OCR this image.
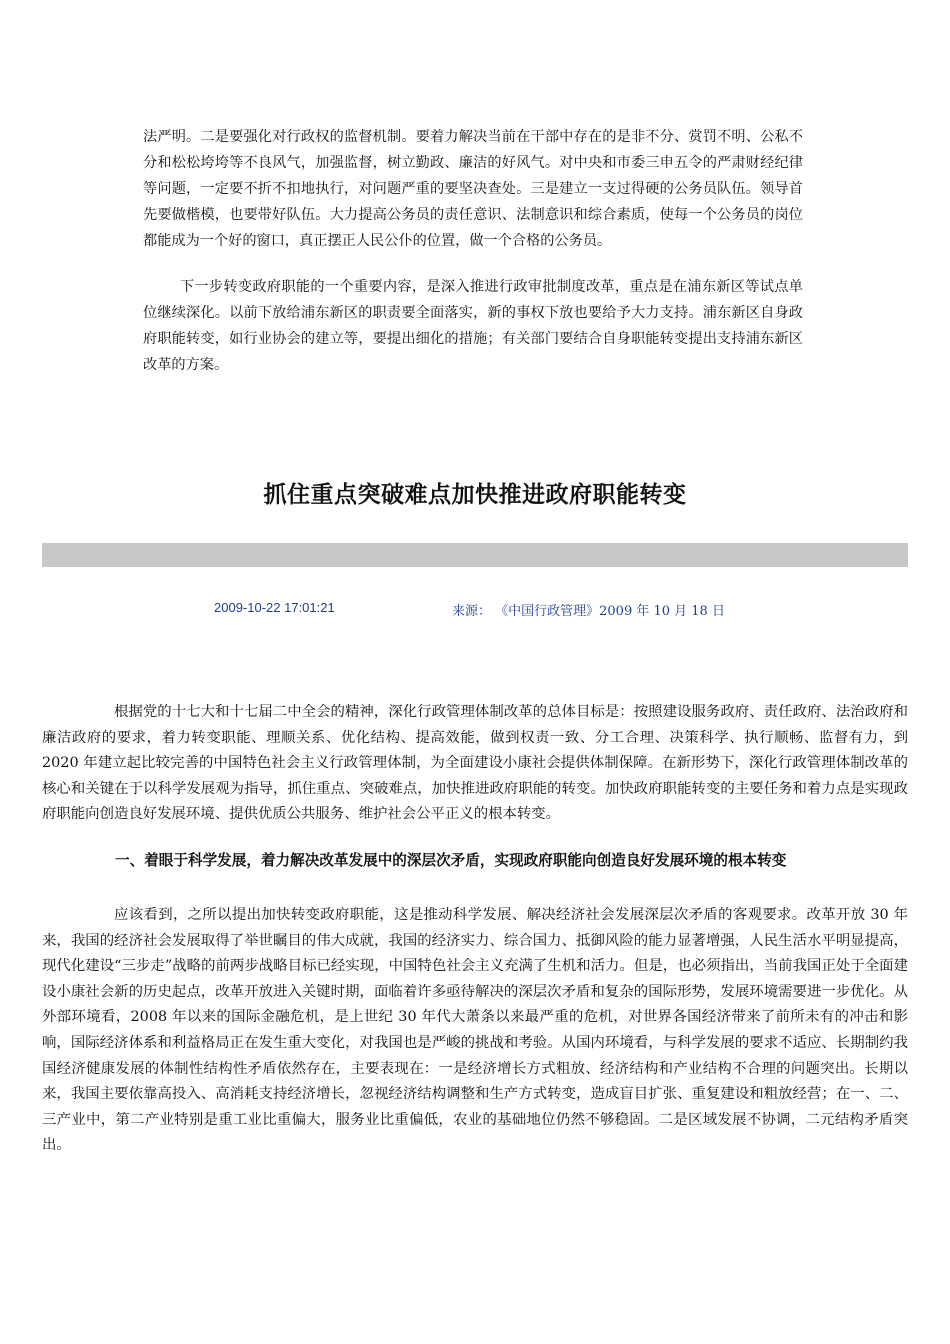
法严明。二是要强化对行政权的监督机制。要着力解决当前在干部中存在的是非不分、赏罚不明、公私不分和松松垮垮等不良风气，加强监督，树立勤政、廉洁的好风气。对中央和市委三申五令的严肃财经纪律等问题，一定要不折不扣地执行，对问题严重的要坚决查处。三是建立一支过得硬的公务员队伍。领导首先要做楷模，也要带好队伍。大力提高公务员的责任意识、法制意识和综合素质，使每一个公务员的岗位都能成为一个好的窗口，真正摆正人民公仆的位置，做一个合格的公务员。

下一步转变政府职能的一个重要内容，是深入推进行政审批制度改革，重点是在浦东新区等试点单位继续深化。以前下放给浦东新区的职责要全面落实，新的事权下放也要给予大力支持。浦东新区自身政府职能转变，如行业协会的建立等，要提出细化的措施；有关部门要结合自身职能转变提出支持浦东新区改革的方案。

抓住重点突破难点加快推进政府职能转变
2009-10-22 17:01:21	来源： 《中国行政管理》2009 年 10 月 18 日

根据党的十七大和十七届二中全会的精神，深化行政管理体制改革的总体目标是：按照建设服务政府、责任政府、法治政府和廉洁政府的要求，着力转变职能、理顺关系、优化结构、提高效能，做到权责一致、分工合理、决策科学、执行顺畅、监督有力，到 2020 年建立起比较完善的中国特色社会主义行政管理体制，为全面建设小康社会提供体制保障。在新形势下，深化行政管理体制改革的核心和关键在于以科学发展观为指导，抓住重点、突破难点，加快推进政府职能的转变。加快政府职能转变的主要任务和着力点是实现政府职能向创造良好发展环境、提供优质公共服务、维护社会公平正义的根本转变。

一、着眼于科学发展，着力解决改革发展中的深层次矛盾，实现政府职能向创造良好发展环境的根本转变

应该看到，之所以提出加快转变政府职能，这是推动科学发展、解决经济社会发展深层次矛盾的客观要求。改革开放 30 年来，我国的经济社会发展取得了举世瞩目的伟大成就，我国的经济实力、综合国力、抵御风险的能力显著增强，人民生活水平明显提高，现代化建设“三步走”战略的前两步战略目标已经实现，中国特色社会主义充满了生机和活力。但是，也必须指出，当前我国正处于全面建设小康社会新的历史起点，改革开放进入关键时期，面临着许多亟待解决的深层次矛盾和复杂的国际形势，发展环境需要进一步优化。从外部环境看，2008 年以来的国际金融危机，是上世纪 30 年代大萧条以来最严重的危机，对世界各国经济带来了前所未有的冲击和影响，国际经济体系和利益格局正在发生重大变化，对我国也是严峻的挑战和考验。从国内环境看，与科学发展的要求不适应、长期制约我国经济健康发展的体制性结构性矛盾依然存在，主要表现在：一是经济增长方式粗放、经济结构和产业结构不合理的问题突出。长期以来，我国主要依靠高投入、高消耗支持经济增长，忽视经济结构调整和生产方式转变，造成盲目扩张、重复建设和粗放经营；在一、二、三产业中，第二产业特别是重工业比重偏大，服务业比重偏低，农业的基础地位仍然不够稳固。二是区域发展不协调，二元结构矛盾突出。
